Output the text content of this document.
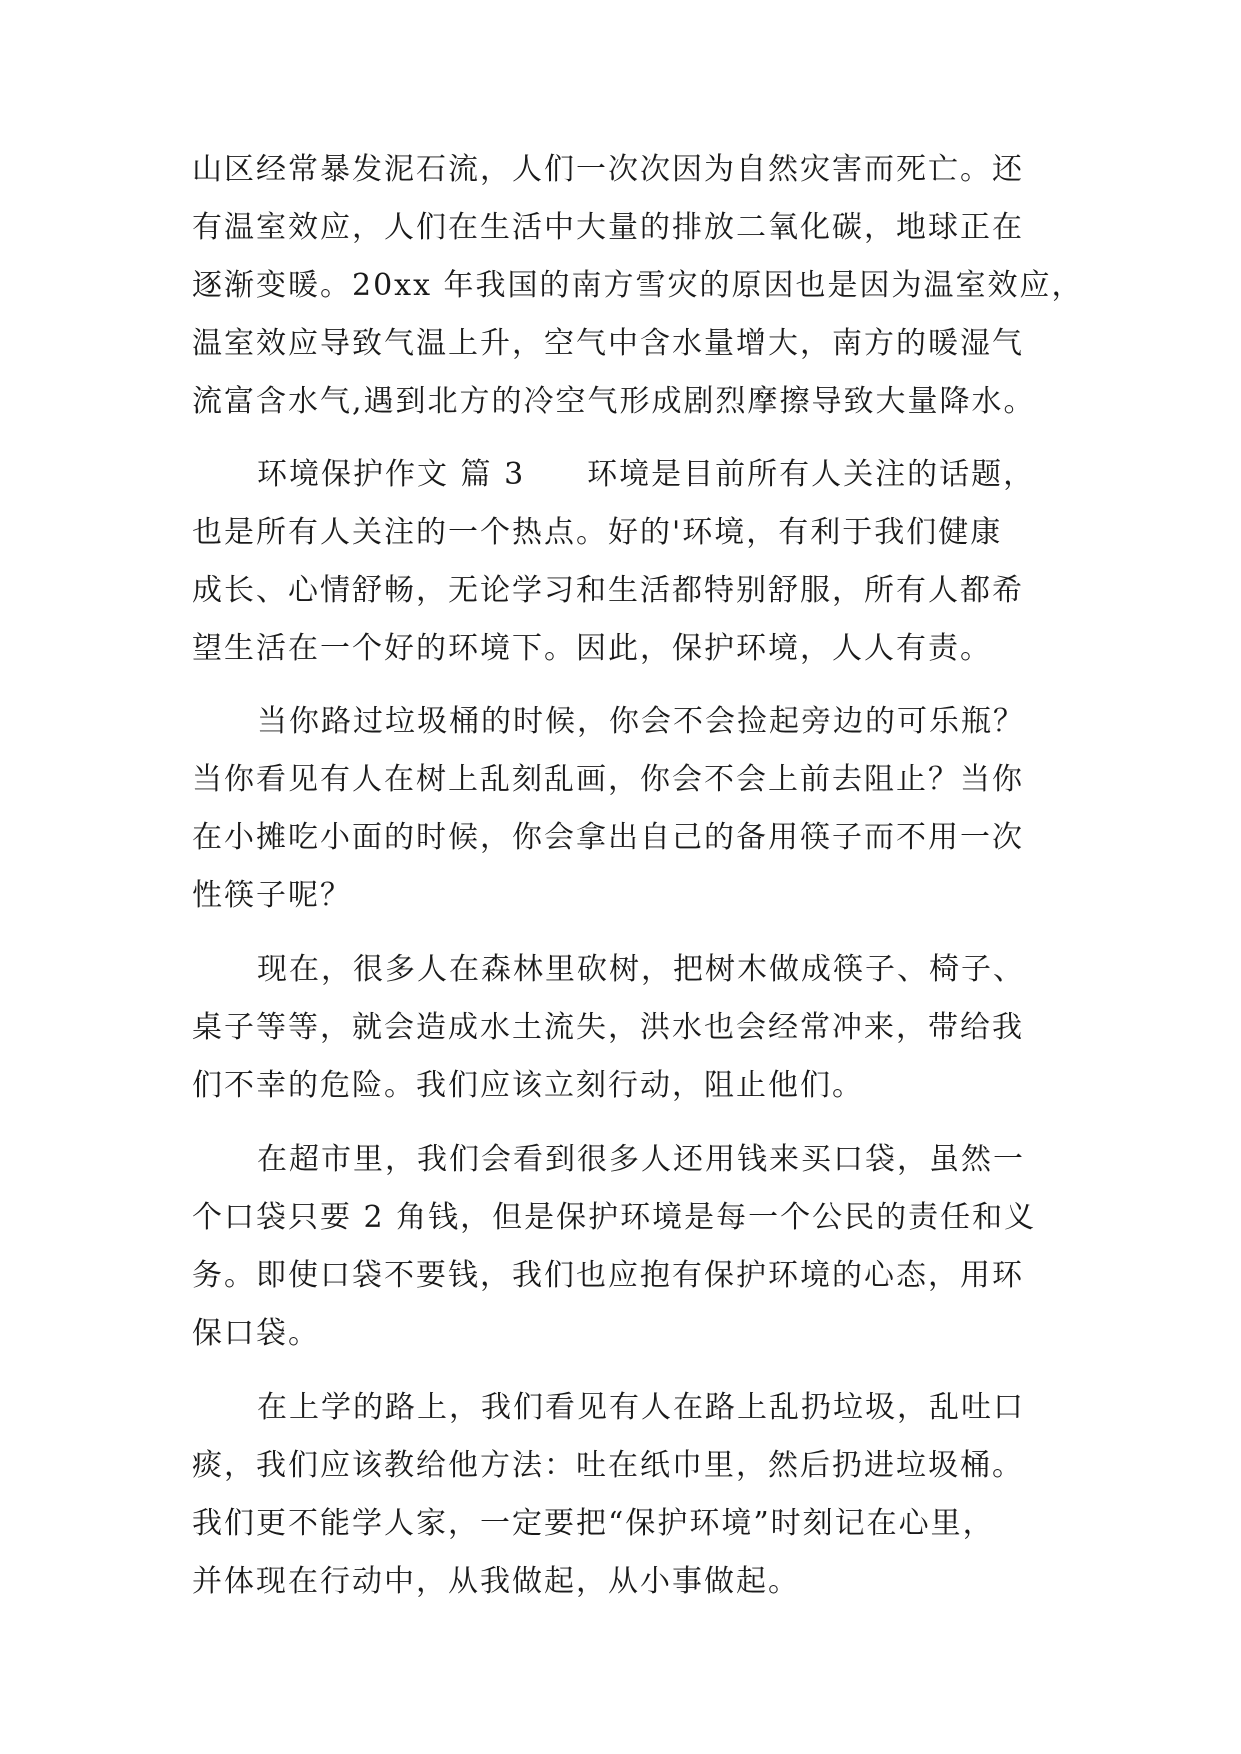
山区经常暴发泥石流，人们一次次因为自然灾害而死亡。还
有温室效应，人们在生活中大量的排放二氧化碳，地球正在
逐渐变暖。20xx 年我国的南方雪灾的原因也是因为温室效应，
温室效应导致气温上升，空气中含水量增大，南方的暖湿气
流富含水气,遇到北方的冷空气形成剧烈摩擦导致大量降水。
环境保护作文 篇 3 环境是目前所有人关注的话题，
也是所有人关注的一个热点。好的'环境，有利于我们健康
成长、心情舒畅，无论学习和生活都特别舒服，所有人都希
望生活在一个好的环境下。因此，保护环境，人人有责。
当你路过垃圾桶的时候，你会不会捡起旁边的可乐瓶？
当你看见有人在树上乱刻乱画，你会不会上前去阻止？当你
在小摊吃小面的时候，你会拿出自己的备用筷子而不用一次
性筷子呢？
现在，很多人在森林里砍树，把树木做成筷子、椅子、
桌子等等，就会造成水土流失，洪水也会经常冲来，带给我
们不幸的危险。我们应该立刻行动，阻止他们。
在超市里，我们会看到很多人还用钱来买口袋，虽然一
个口袋只要 2 角钱，但是保护环境是每一个公民的责任和义
务。即使口袋不要钱，我们也应抱有保护环境的心态，用环
保口袋。
在上学的路上，我们看见有人在路上乱扔垃圾，乱吐口
痰，我们应该教给他方法：吐在纸巾里，然后扔进垃圾桶。
我们更不能学人家，一定要把“保护环境”时刻记在心里，
并体现在行动中，从我做起，从小事做起。
